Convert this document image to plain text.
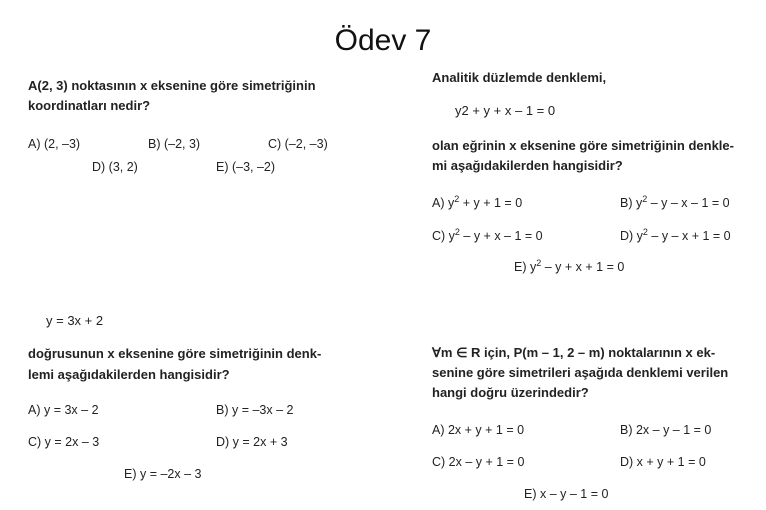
Ödev 7
A(2, 3) noktasının x eksenine göre simetriğinin
koordinatları nedir?
A) (2, –3)	B) (–2, 3)	C) (–2, –3)
D) (3, 2)	E) (–3, –2)
Analitik düzlemde denklemi,
y2 + y + x – 1 = 0
olan eğrinin x eksenine göre simetriğinin denkle-
mi aşağıdakilerden hangisidir?
A) $y^2 + y + 1 = 0$	B) $y^2 - y - x - 1 = 0$
C) $y^2 - y + x - 1 = 0$	D) $y^2 - y - x + 1 = 0$
E) $y^2 - y + x + 1 = 0$
y = 3x + 2
doğrusunun x eksenine göre simetriğinin denk-
lemi aşağıdakilerden hangisidir?
A) y = 3x – 2	B) y = –3x – 2
C) y = 2x – 3	D) y = 2x + 3
E) y = –2x – 3
∀m ∈ R için, P(m – 1, 2 – m) noktalarının x ek-
senine göre simetrileri aşağıda denklemi verilen
hangi doğru üzerindedir?
A) 2x + y + 1 = 0	B) 2x – y – 1 = 0
C) 2x – y + 1 = 0	D) x + y + 1 = 0
E) x – y – 1 = 0
